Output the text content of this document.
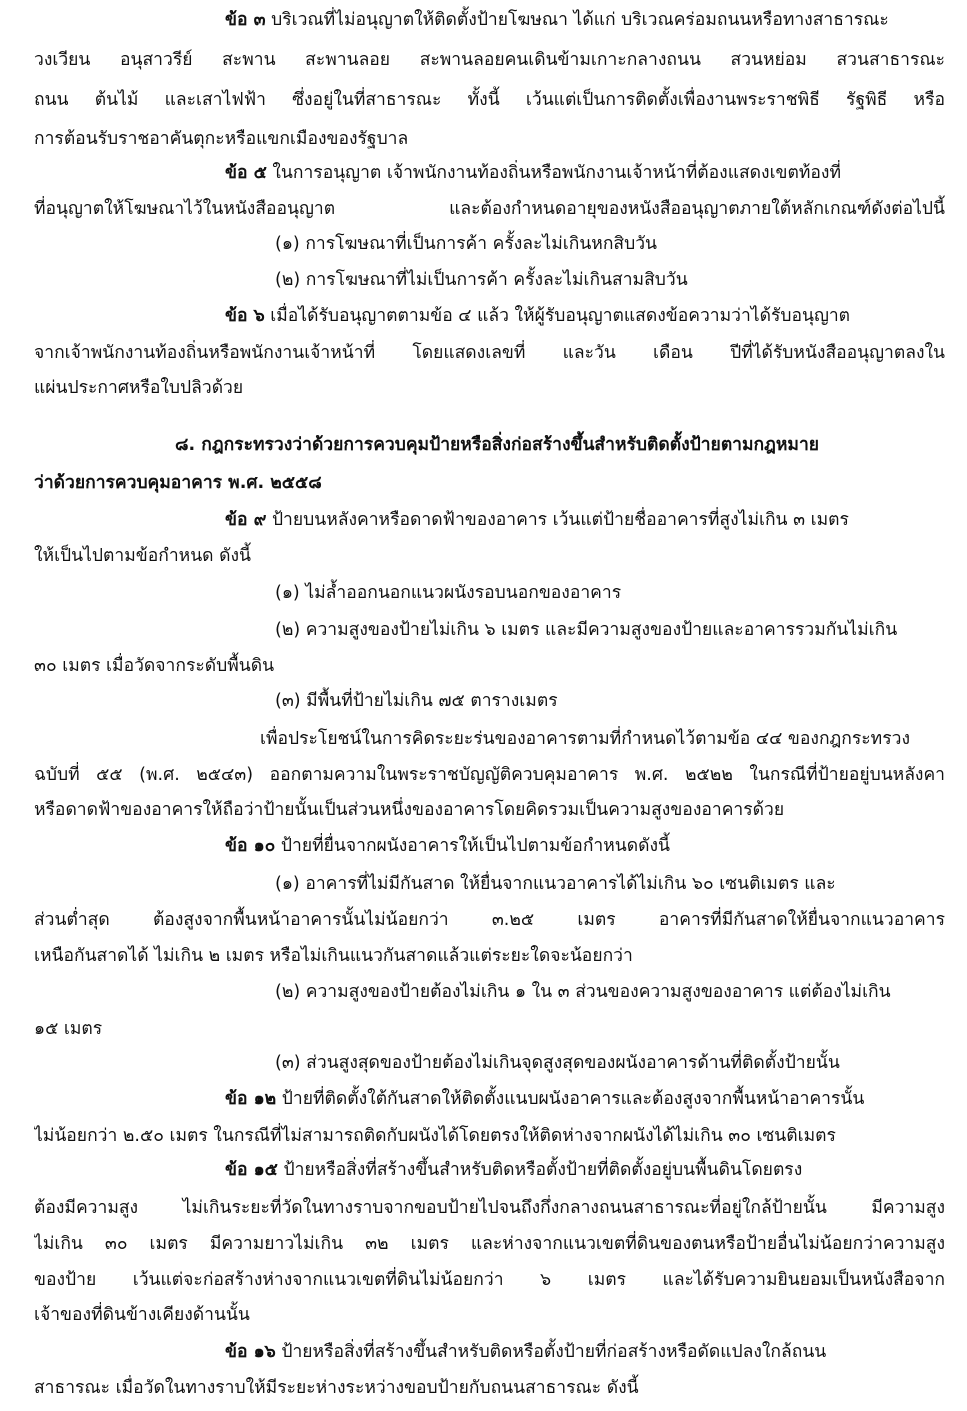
ข้อ ๓ บริเวณที่ไม่อนุญาตให้ติดตั้งป้ายโฆษณา ได้แก่ บริเวณคร่อมถนนหรือทางสาธารณะ
วงเวียน อนุสาวรีย์ สะพาน สะพานลอย สะพานลอยคนเดินข้ามเกาะกลางถนน สวนหย่อม สวนสาธารณะ
ถนน ต้นไม้ และเสาไฟฟ้า ซึ่งอยู่ในที่สาธารณะ ทั้งนี้ เว้นแต่เป็นการติดตั้งเพื่องานพระราชพิธี รัฐพิธี หรือ
การต้อนรับราชอาคันตุกะหรือแขกเมืองของรัฐบาล
ข้อ ๕ ในการอนุญาต เจ้าพนักงานท้องถิ่นหรือพนักงานเจ้าหน้าที่ต้องแสดงเขตท้องที่
ที่อนุญาตให้โฆษณาไว้ในหนังสืออนุญาต และต้องกำหนดอายุของหนังสืออนุญาตภายใต้หลักเกณฑ์ดังต่อไปนี้
(๑) การโฆษณาที่เป็นการค้า ครั้งละไม่เกินหกสิบวัน
(๒) การโฆษณาที่ไม่เป็นการค้า ครั้งละไม่เกินสามสิบวัน
ข้อ ๖ เมื่อได้รับอนุญาตตามข้อ ๔ แล้ว ให้ผู้รับอนุญาตแสดงข้อความว่าได้รับอนุญาต
จากเจ้าพนักงานท้องถิ่นหรือพนักงานเจ้าหน้าที่ โดยแสดงเลขที่ และวัน เดือน ปีที่ได้รับหนังสืออนุญาตลงใน
แผ่นประกาศหรือใบปลิวด้วย
๘. กฎกระทรวงว่าด้วยการควบคุมป้ายหรือสิ่งก่อสร้างขึ้นสำหรับติดตั้งป้ายตามกฎหมาย
ว่าด้วยการควบคุมอาคาร พ.ศ. ๒๕๕๘
ข้อ ๙ ป้ายบนหลังคาหรือดาดฟ้าของอาคาร เว้นแต่ป้ายชื่ออาคารที่สูงไม่เกิน ๓ เมตร
ให้เป็นไปตามข้อกำหนด ดังนี้
(๑) ไม่ล้ำออกนอกแนวผนังรอบนอกของอาคาร
(๒) ความสูงของป้ายไม่เกิน ๖ เมตร และมีความสูงของป้ายและอาคารรวมกันไม่เกิน
๓๐ เมตร เมื่อวัดจากระดับพื้นดิน
(๓) มีพื้นที่ป้ายไม่เกิน ๗๕ ตารางเมตร
เพื่อประโยชน์ในการคิดระยะร่นของอาคารตามที่กำหนดไว้ตามข้อ ๔๔ ของกฎกระทรวง
ฉบับที่ ๕๕ (พ.ศ. ๒๕๔๓) ออกตามความในพระราชบัญญัติควบคุมอาคาร พ.ศ. ๒๕๒๒ ในกรณีที่ป้ายอยู่บนหลังคา
หรือดาดฟ้าของอาคารให้ถือว่าป้ายนั้นเป็นส่วนหนึ่งของอาคารโดยคิดรวมเป็นความสูงของอาคารด้วย
ข้อ ๑๐ ป้ายที่ยื่นจากผนังอาคารให้เป็นไปตามข้อกำหนดดังนี้
(๑) อาคารที่ไม่มีกันสาด ให้ยื่นจากแนวอาคารได้ไม่เกิน ๖๐ เซนติเมตร และ
ส่วนต่ำสุด ต้องสูงจากพื้นหน้าอาคารนั้นไม่น้อยกว่า ๓.๒๕ เมตร อาคารที่มีกันสาดให้ยื่นจากแนวอาคาร
เหนือกันสาดได้ ไม่เกิน ๒ เมตร หรือไม่เกินแนวกันสาดแล้วแต่ระยะใดจะน้อยกว่า
(๒) ความสูงของป้ายต้องไม่เกิน ๑ ใน ๓ ส่วนของความสูงของอาคาร แต่ต้องไม่เกิน
๑๕ เมตร
(๓) ส่วนสูงสุดของป้ายต้องไม่เกินจุดสูงสุดของผนังอาคารด้านที่ติดตั้งป้ายนั้น
ข้อ ๑๒ ป้ายที่ติดตั้งใต้กันสาดให้ติดตั้งแนบผนังอาคารและต้องสูงจากพื้นหน้าอาคารนั้น
ไม่น้อยกว่า ๒.๕๐ เมตร ในกรณีที่ไม่สามารถติดกับผนังได้โดยตรงให้ติดห่างจากผนังได้ไม่เกิน ๓๐ เซนติเมตร
ข้อ ๑๕ ป้ายหรือสิ่งที่สร้างขึ้นสำหรับติดหรือตั้งป้ายที่ติดตั้งอยู่บนพื้นดินโดยตรง
ต้องมีความสูง ไม่เกินระยะที่วัดในทางราบจากขอบป้ายไปจนถึงกึ่งกลางถนนสาธารณะที่อยู่ใกล้ป้ายนั้น มีความสูง
ไม่เกิน ๓๐ เมตร มีความยาวไม่เกิน ๓๒ เมตร และห่างจากแนวเขตที่ดินของตนหรือป้ายอื่นไม่น้อยกว่าความสูง
ของป้าย เว้นแต่จะก่อสร้างห่างจากแนวเขตที่ดินไม่น้อยกว่า ๖ เมตร และได้รับความยินยอมเป็นหนังสือจาก
เจ้าของที่ดินข้างเคียงด้านนั้น
ข้อ ๑๖ ป้ายหรือสิ่งที่สร้างขึ้นสำหรับติดหรือตั้งป้ายที่ก่อสร้างหรือดัดแปลงใกล้ถนน
สาธารณะ เมื่อวัดในทางราบให้มีระยะห่างระหว่างขอบป้ายกับถนนสาธารณะ ดังนี้
